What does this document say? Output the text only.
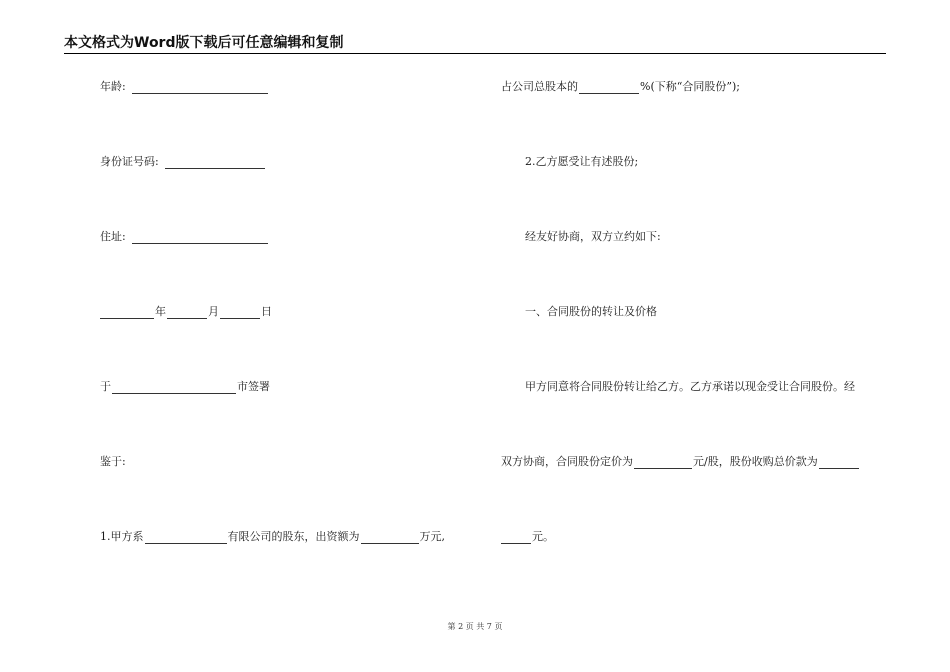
本文格式为Word版下载后可任意编辑和复制
年龄:
身份证号码:
住址:
年	月	日
于	市签署
鉴于:
1.甲方系	有限公司的股东，出资额为	万元,
占公司总股本的	%(下称“合同股份”);
2.乙方愿受让有述股份;
经友好协商，双方立约如下:
一、合同股份的转让及价格
甲方同意将合同股份转让给乙方。乙方承诺以现金受让合同股份。经
双方协商，合同股份定价为	元/股，股份收购总价款为
元。
第 2 页 共 7 页
